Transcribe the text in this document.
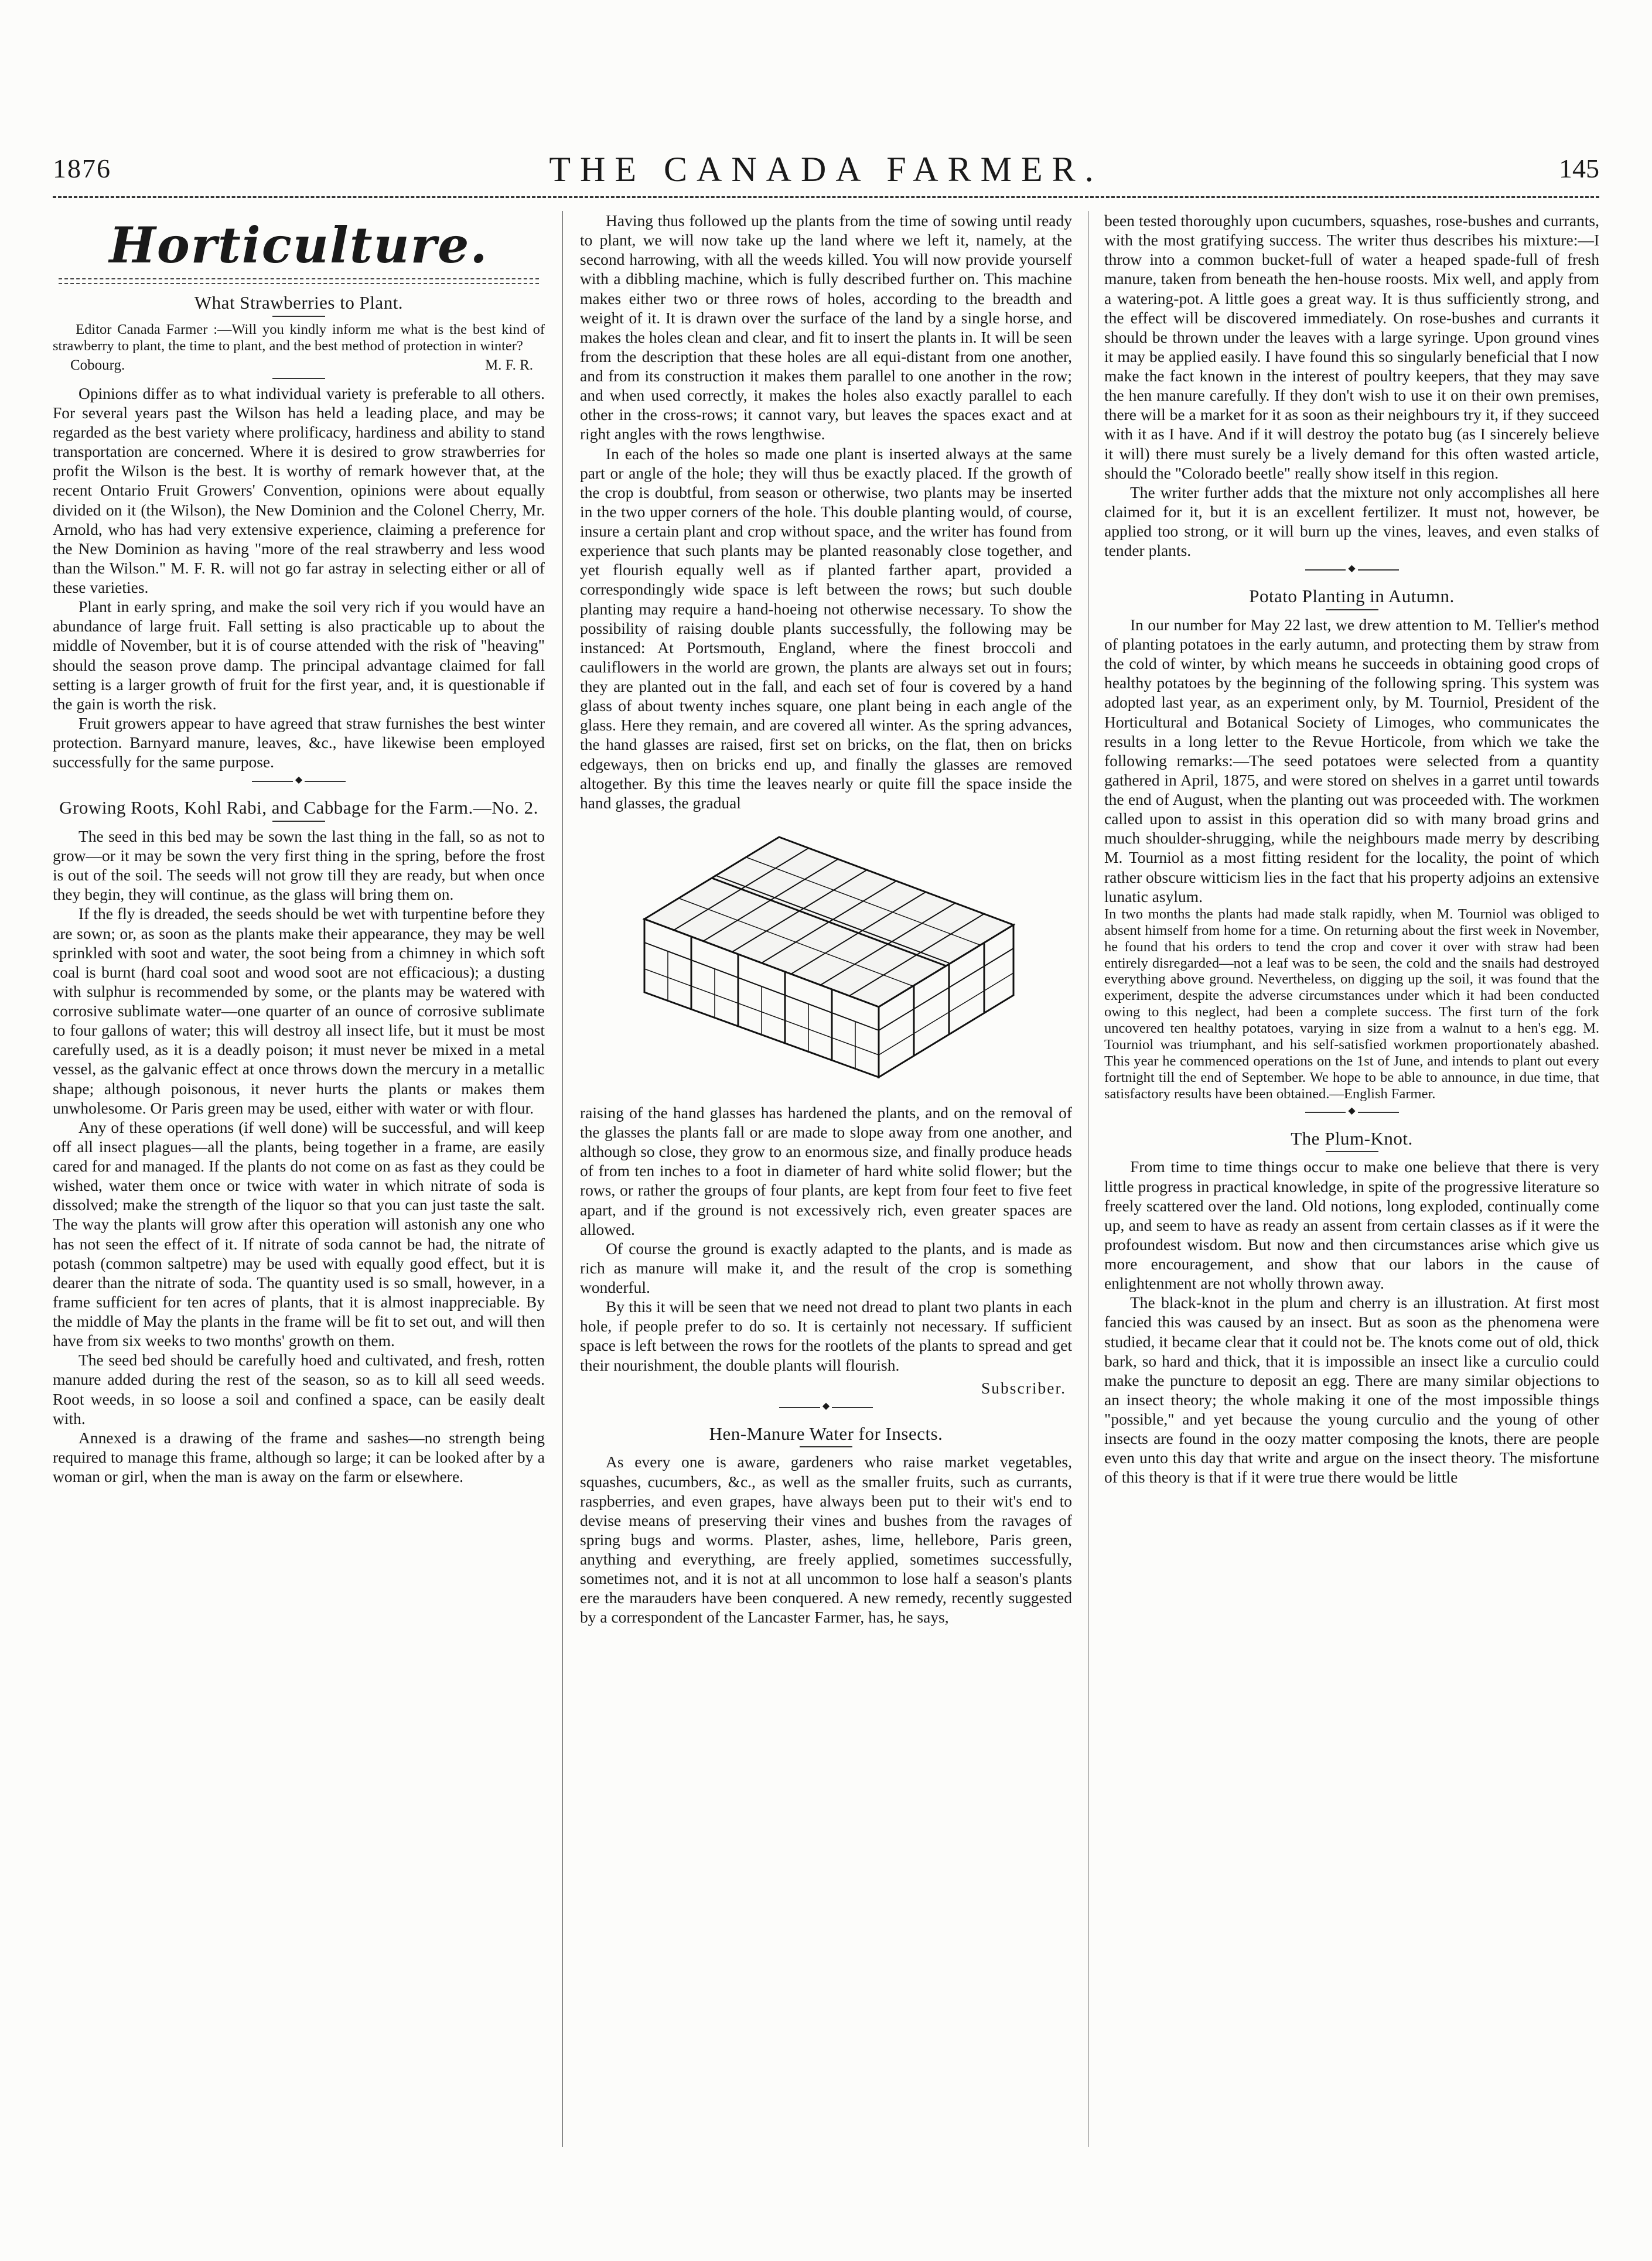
1876	THE CANADA FARMER.	145
Horticulture.
What Strawberries to Plant.

Editor Canada Farmer :—Will you kindly inform me what is the best kind of strawberry to plant, the time to plant, and the best method of protection in winter?

Cobourg.	M. F. R.

Opinions differ as to what individual variety is preferable to all others. For several years past the Wilson has held a leading place, and may be regarded as the best variety where prolificacy, hardiness and ability to stand transportation are concerned. Where it is desired to grow strawberries for profit the Wilson is the best. It is worthy of remark however that, at the recent Ontario Fruit Growers' Convention, opinions were about equally divided on it (the Wilson), the New Dominion and the Colonel Cherry, Mr. Arnold, who has had very extensive experience, claiming a preference for the New Dominion as having "more of the real strawberry and less wood than the Wilson." M. F. R. will not go far astray in selecting either or all of these varieties.

Plant in early spring, and make the soil very rich if you would have an abundance of large fruit. Fall setting is also practicable up to about the middle of November, but it is of course attended with the risk of "heaving" should the season prove damp. The principal advantage claimed for fall setting is a larger growth of fruit for the first year, and, it is questionable if the gain is worth the risk.

Fruit growers appear to have agreed that straw furnishes the best winter protection. Barnyard manure, leaves, &c., have likewise been employed successfully for the same purpose.

◆
Growing Roots, Kohl Rabi, and Cabbage for the Farm.—No. 2.

The seed in this bed may be sown the last thing in the fall, so as not to grow—or it may be sown the very first thing in the spring, before the frost is out of the soil. The seeds will not grow till they are ready, but when once they begin, they will continue, as the glass will bring them on.

If the fly is dreaded, the seeds should be wet with turpentine before they are sown; or, as soon as the plants make their appearance, they may be well sprinkled with soot and water, the soot being from a chimney in which soft coal is burnt (hard coal soot and wood soot are not efficacious); a dusting with sulphur is recommended by some, or the plants may be watered with corrosive sublimate water—one quarter of an ounce of corrosive sublimate to four gallons of water; this will destroy all insect life, but it must be most carefully used, as it is a deadly poison; it must never be mixed in a metal vessel, as the galvanic effect at once throws down the mercury in a metallic shape; although poisonous, it never hurts the plants or makes them unwholesome. Or Paris green may be used, either with water or with flour.

Any of these operations (if well done) will be successful, and will keep off all insect plagues—all the plants, being together in a frame, are easily cared for and managed. If the plants do not come on as fast as they could be wished, water them once or twice with water in which nitrate of soda is dissolved; make the strength of the liquor so that you can just taste the salt. The way the plants will grow after this operation will astonish any one who has not seen the effect of it. If nitrate of soda cannot be had, the nitrate of potash (common saltpetre) may be used with equally good effect, but it is dearer than the nitrate of soda. The quantity used is so small, however, in a frame sufficient for ten acres of plants, that it is almost inappreciable. By the middle of May the plants in the frame will be fit to set out, and will then have from six weeks to two months' growth on them.

The seed bed should be carefully hoed and cultivated, and fresh, rotten manure added during the rest of the season, so as to kill all seed weeds. Root weeds, in so loose a soil and confined a space, can be easily dealt with.

Annexed is a drawing of the frame and sashes—no strength being required to manage this frame, although so large; it can be looked after by a woman or girl, when the man is away on the farm or elsewhere.

Having thus followed up the plants from the time of sowing until ready to plant, we will now take up the land where we left it, namely, at the second harrowing, with all the weeds killed. You will now provide yourself with a dibbling machine, which is fully described further on. This machine makes either two or three rows of holes, according to the breadth and weight of it. It is drawn over the surface of the land by a single horse, and makes the holes clean and clear, and fit to insert the plants in. It will be seen from the description that these holes are all equi-distant from one another, and from its construction it makes them parallel to one another in the row; and when used correctly, it makes the holes also exactly parallel to each other in the cross-rows; it cannot vary, but leaves the spaces exact and at right angles with the rows lengthwise.

In each of the holes so made one plant is inserted always at the same part or angle of the hole; they will thus be exactly placed. If the growth of the crop is doubtful, from season or otherwise, two plants may be inserted in the two upper corners of the hole. This double planting would, of course, insure a certain plant and crop without space, and the writer has found from experience that such plants may be planted reasonably close together, and yet flourish equally well as if planted farther apart, provided a correspondingly wide space is left between the rows; but such double planting may require a hand-hoeing not otherwise necessary. To show the possibility of raising double plants successfully, the following may be instanced: At Portsmouth, England, where the finest broccoli and cauliflowers in the world are grown, the plants are always set out in fours; they are planted out in the fall, and each set of four is covered by a hand glass of about twenty inches square, one plant being in each angle of the glass. Here they remain, and are covered all winter. As the spring advances, the hand glasses are raised, first set on bricks, on the flat, then on bricks edgeways, then on bricks end up, and finally the glasses are removed altogether. By this time the leaves nearly or quite fill the space inside the hand glasses, the gradual

raising of the hand glasses has hardened the plants, and on the removal of the glasses the plants fall or are made to slope away from one another, and although so close, they grow to an enormous size, and finally produce heads of from ten inches to a foot in diameter of hard white solid flower; but the rows, or rather the groups of four plants, are kept from four feet to five feet apart, and if the ground is not excessively rich, even greater spaces are allowed.

Of course the ground is exactly adapted to the plants, and is made as rich as manure will make it, and the result of the crop is something wonderful.

By this it will be seen that we need not dread to plant two plants in each hole, if people prefer to do so. It is certainly not necessary. If sufficient space is left between the rows for the rootlets of the plants to spread and get their nourishment, the double plants will flourish.

Subscriber.

◆
Hen-Manure Water for Insects.

As every one is aware, gardeners who raise market vegetables, squashes, cucumbers, &c., as well as the smaller fruits, such as currants, raspberries, and even grapes, have always been put to their wit's end to devise means of preserving their vines and bushes from the ravages of spring bugs and worms. Plaster, ashes, lime, hellebore, Paris green, anything and everything, are freely applied, sometimes successfully, sometimes not, and it is not at all uncommon to lose half a season's plants ere the marauders have been conquered. A new remedy, recently suggested by a correspondent of the Lancaster Farmer, has, he says,

been tested thoroughly upon cucumbers, squashes, rose-bushes and currants, with the most gratifying success. The writer thus describes his mixture:—I throw into a common bucket-full of water a heaped spade-full of fresh manure, taken from beneath the hen-house roosts. Mix well, and apply from a watering-pot. A little goes a great way. It is thus sufficiently strong, and the effect will be discovered immediately. On rose-bushes and currants it should be thrown under the leaves with a large syringe. Upon ground vines it may be applied easily. I have found this so singularly beneficial that I now make the fact known in the interest of poultry keepers, that they may save the hen manure carefully. If they don't wish to use it on their own premises, there will be a market for it as soon as their neighbours try it, if they succeed with it as I have. And if it will destroy the potato bug (as I sincerely believe it will) there must surely be a lively demand for this often wasted article, should the "Colorado beetle" really show itself in this region.

The writer further adds that the mixture not only accomplishes all here claimed for it, but it is an excellent fertilizer. It must not, however, be applied too strong, or it will burn up the vines, leaves, and even stalks of tender plants.

◆
Potato Planting in Autumn.

In our number for May 22 last, we drew attention to M. Tellier's method of planting potatoes in the early autumn, and protecting them by straw from the cold of winter, by which means he succeeds in obtaining good crops of healthy potatoes by the beginning of the following spring. This system was adopted last year, as an experiment only, by M. Tourniol, President of the Horticultural and Botanical Society of Limoges, who communicates the results in a long letter to the Revue Horticole, from which we take the following remarks:—The seed potatoes were selected from a quantity gathered in April, 1875, and were stored on shelves in a garret until towards the end of August, when the planting out was proceeded with. The workmen called upon to assist in this operation did so with many broad grins and much shoulder-shrugging, while the neighbours made merry by describing M. Tourniol as a most fitting resident for the locality, the point of which rather obscure witticism lies in the fact that his property adjoins an extensive lunatic asylum.

In two months the plants had made stalk rapidly, when M. Tourniol was obliged to absent himself from home for a time. On returning about the first week in November, he found that his orders to tend the crop and cover it over with straw had been entirely disregarded—not a leaf was to be seen, the cold and the snails had destroyed everything above ground. Nevertheless, on digging up the soil, it was found that the experiment, despite the adverse circumstances under which it had been conducted owing to this neglect, had been a complete success. The first turn of the fork uncovered ten healthy potatoes, varying in size from a walnut to a hen's egg. M. Tourniol was triumphant, and his self-satisfied workmen proportionately abashed. This year he commenced operations on the 1st of June, and intends to plant out every fortnight till the end of September. We hope to be able to announce, in due time, that satisfactory results have been obtained.—English Farmer.

◆
The Plum-Knot.

From time to time things occur to make one believe that there is very little progress in practical knowledge, in spite of the progressive literature so freely scattered over the land. Old notions, long exploded, continually come up, and seem to have as ready an assent from certain classes as if it were the profoundest wisdom. But now and then circumstances arise which give us more encouragement, and show that our labors in the cause of enlightenment are not wholly thrown away.

The black-knot in the plum and cherry is an illustration. At first most fancied this was caused by an insect. But as soon as the phenomena were studied, it became clear that it could not be. The knots come out of old, thick bark, so hard and thick, that it is impossible an insect like a curculio could make the puncture to deposit an egg. There are many similar objections to an insect theory; the whole making it one of the most impossible things "possible," and yet because the young curculio and the young of other insects are found in the oozy matter composing the knots, there are people even unto this day that write and argue on the insect theory. The misfortune of this theory is that if it were true there would be little
